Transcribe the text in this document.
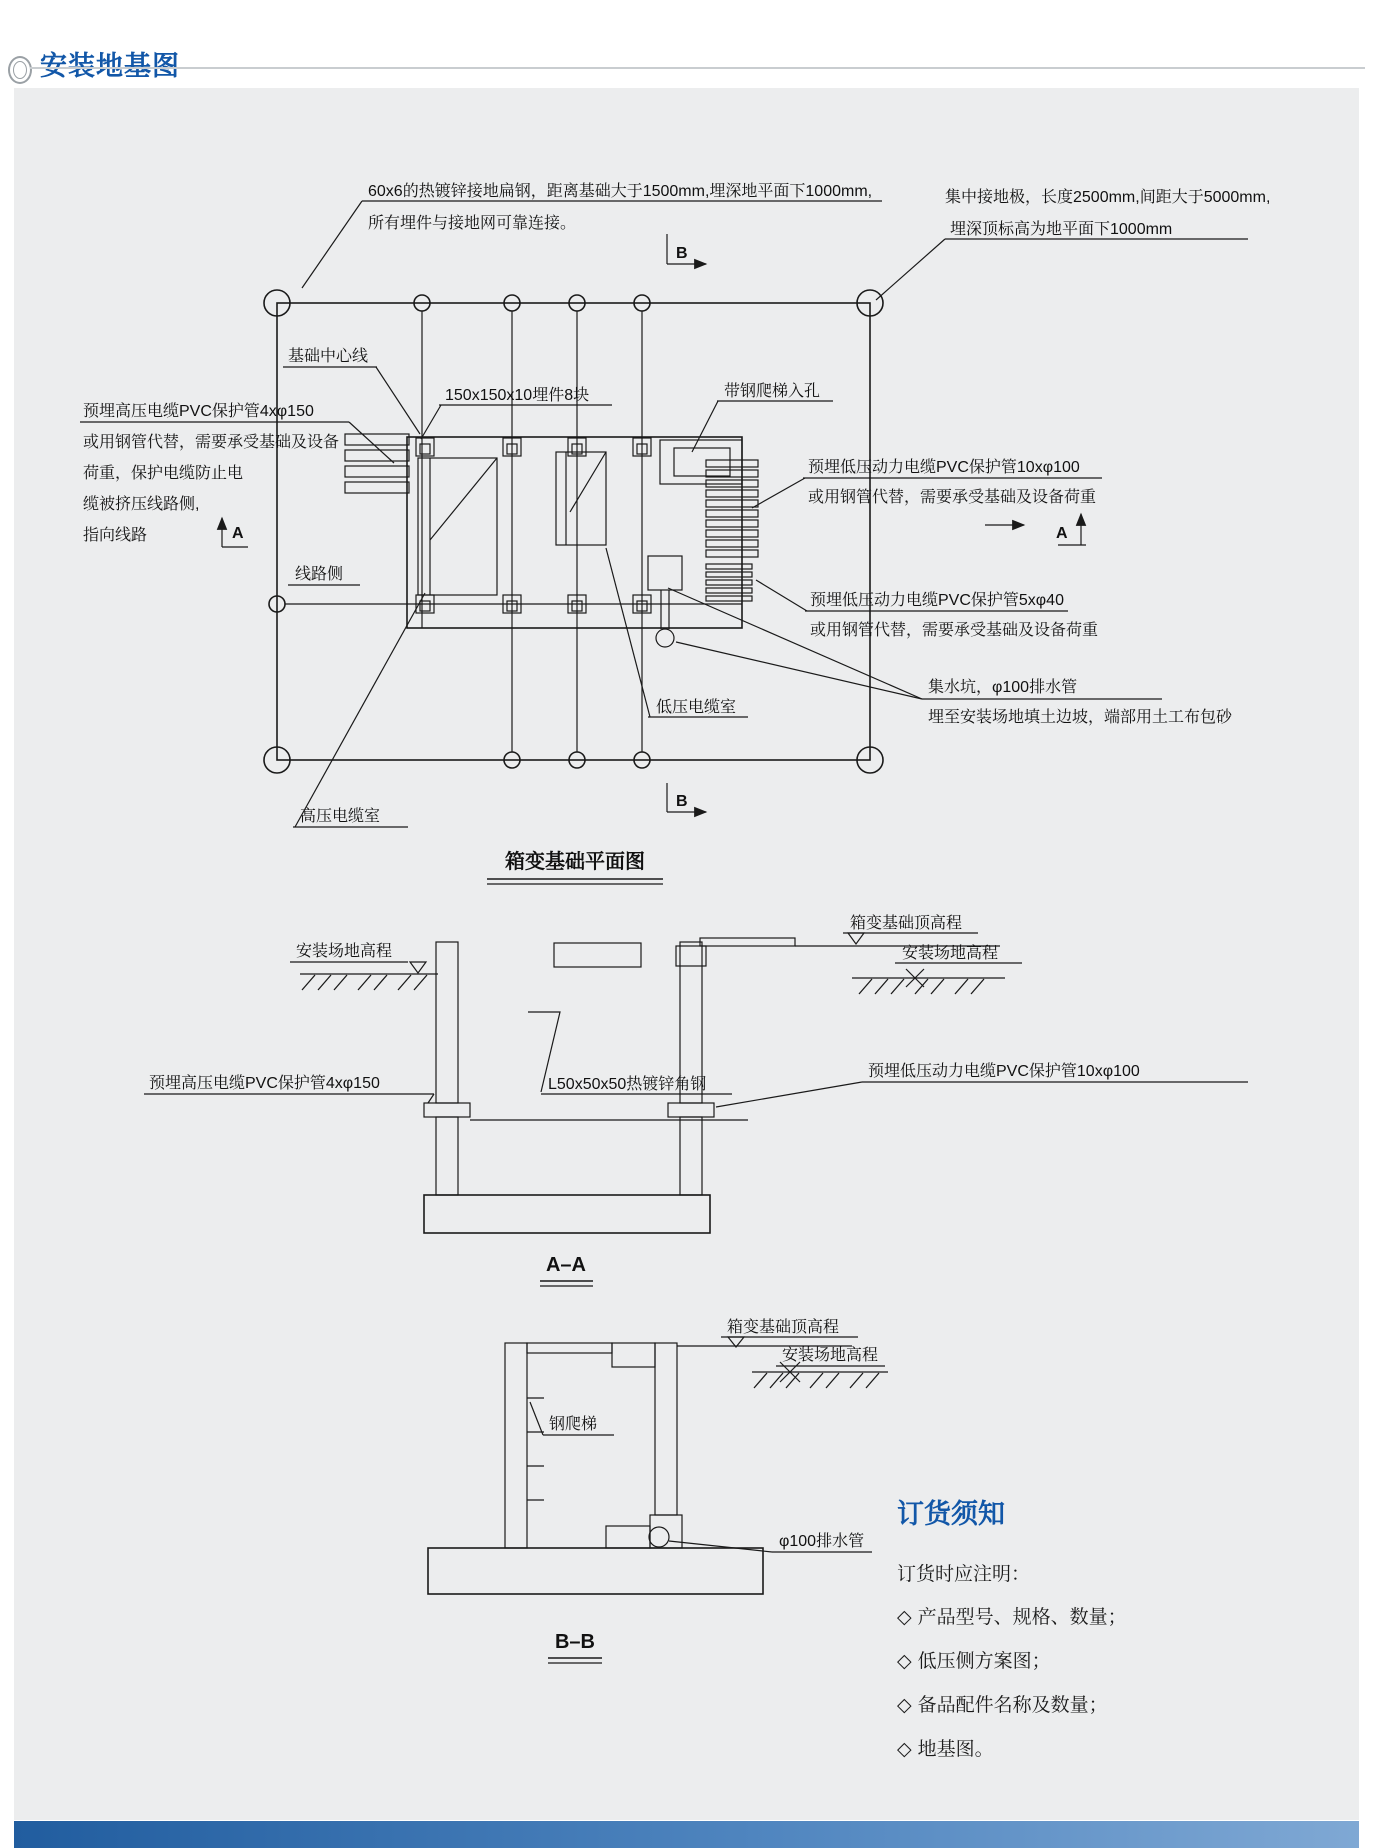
安装地基图
A	A
B
B
60x6的热镀锌接地扁钢，距离基础大于1500mm,埋深地平面下1000mm,
所有埋件与接地网可靠连接。
集中接地极，长度2500mm,间距大于5000mm,
埋深顶标高为地平面下1000mm
基础中心线
150x150x10埋件8块	带钢爬梯入孔
预埋高压电缆PVC保护管4xφ150
或用钢管代替，需要承受基础及设备
荷重，保护电缆防止电
缆被挤压线路侧,
指向线路
线路侧
预埋低压动力电缆PVC保护管10xφ100
或用钢管代替，需要承受基础及设备荷重
预埋低压动力电缆PVC保护管5xφ40
或用钢管代替，需要承受基础及设备荷重
集水坑，φ100排水管
埋至安装场地填土边坡，端部用土工布包砂
高压电缆室
低压电缆室
箱变基础平面图
安装场地高程
箱变基础顶高程
安装场地高程
L50x50x50热镀锌角钢
预埋高压电缆PVC保护管4xφ150
预埋低压动力电缆PVC保护管10xφ100
A–A
箱变基础顶高程
安装场地高程
钢爬梯
φ100排水管
B–B
订货须知
订货时应注明：
◇ 产品型号、规格、数量；
◇ 低压侧方案图；
◇ 备品配件名称及数量；
◇ 地基图。
